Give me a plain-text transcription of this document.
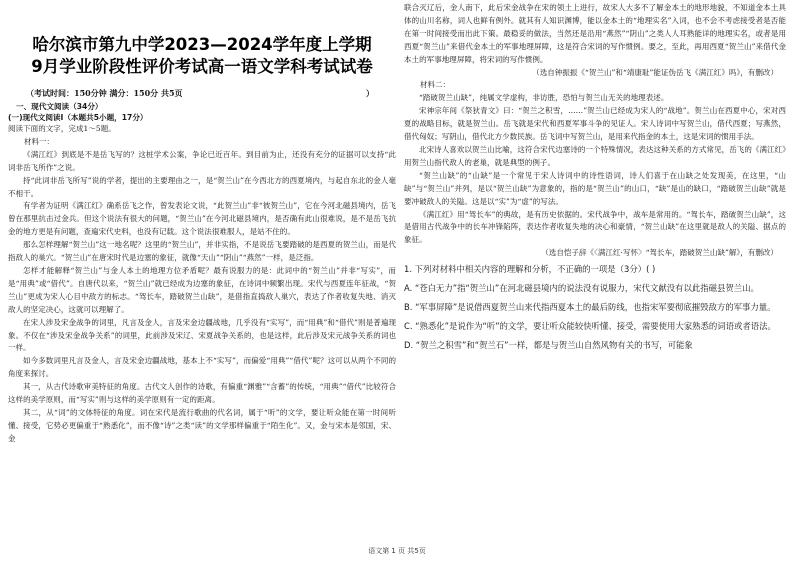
哈尔滨市第九中学2023—2024学年度上学期
9月学业阶段性评价考试高一语文学科考试试卷
（考试时间：150分钟 满分：150分 共5页	）
一、现代文阅读（34分）
(一)现代文阅读Ⅰ（本题共5小题，17分）

阅读下面的文字，完成1～5题。

材料一：

《满江红》到底是不是岳飞写的？这桩学术公案，争论已近百年。到目前为止，还没有充分的证据可以支持“此词非岳飞所作”之说。

持“此词非岳飞所写”说的学者，提出的主要理由之一，是“贺兰山”在今西北方的西夏境内，与起自东北的金人毫不相干。

有学者为证明《满江红》确系岳飞之作，曾发表论文说，“此贺兰山”非“彼贺兰山”，它在今河北磁县境内，岳飞曾在那里抗击过金兵。但这个说法有很大的问题，“贺兰山”在今河北磁县境内，是否确有此山很难说，是不是岳飞抗金的地方更是有问题，查遍宋代史料，也没有记载。这个说法很难服人，是站不住的。

那么怎样理解“贺兰山”这一地名呢？这里的“贺兰山”，并非实指，不是说岳飞要踏破的是西夏的贺兰山，而是代指敌人的巢穴。“贺兰山”在唐宋时代是边塞的象征，就像“天山”“阴山”“燕然”一样，是泛指。

怎样才能解释“贺兰山”与金人本土的地理方位矛盾呢？最有说服力的是：此词中的“贺兰山”并非“写实”，而是“用典”或“借代”。自唐代以来，“贺兰山”就已经成为边塞的象征，在诗词中频繁出现。宋代与西夏连年征战，“贺兰山”更成为宋人心目中敌方的标志。“驾长车，踏破贺兰山缺”，是借指直捣敌人巢穴，表达了作者收复失地、消灭敌人的坚定决心，这就可以理解了。

在宋人涉及宋金战争的词里，凡言及金人，言及宋金边疆战地，几乎没有“实写”，而“用典”和“借代”则是普遍现象。不仅在“涉及宋金战争关系”的词里，此前涉及宋辽、宋夏战争关系的，也是这样，此后涉及宋元战争关系的词也一样。

如今多数词里凡言及金人，言及宋金边疆战地，基本上不“实写”，而偏爱“用典”“借代”呢？这可以从两个不同的角度来探讨。

其一，从古代诗歌审美特征的角度。古代文人创作的诗歌，有偏重“渊雅”“含蓄”的传统，“用典”“借代”比较符合这样的美学原则，而“写实”则与这样的美学原则有一定的距离。

其二，从“词”的文体特征的角度。词在宋代是流行歌曲的代名词，属于“听”的文学，要让听众能在第一时间听懂、接受，它势必更偏重于“熟悉化”，而不像“诗”之类“读”的文学那样偏重于“陌生化”。又，金与宋本是邻国，宋、金

联合灭辽后，金人南下，此后宋金战争在宋的领土上进行，故宋人大多不了解金本土的地形地貌，不知道金本土具体的山川名称，词人也鲜有例外。就其有人知识渊博，能以金本土的“地理实名”入词，也不会不考虑接受者是否能在第一时间接受而出此下策。最稳妥的做法，当然还是沿用“燕然”“阴山”之类人人耳熟能详的地理实名，或者是用西夏“贺兰山”来借代金本土的军事地理屏障，这是符合宋词的写作惯例。要之，至此，再用西夏“贺兰山”来借代金本土的军事地理屏障，将宋词的写作惯例。

（选自钟振振《“贺兰山”和“靖康耻”能证伪岳飞《满江红》吗》，有删改）

材料二：

“踏破贺兰山缺”，纯属文学虚构，非访胜，恐怕与贺兰山无关的地理表述。

宋神宗年间《祭狄青文》曰：“贺兰之积雪，……”贺兰山已经成为宋人的“战地”。贺兰山在西夏中心，宋对西夏的战略目标，就是贺兰山。岳飞就是宋代和西夏军事斗争的见证人。宋人诗词中写贺兰山，借代西夏；写燕然，借代匈奴；写阴山，借代北方少数民族。岳飞词中写贺兰山，是用来代指金的本土，这是宋词的惯用手法。

北宋诗人喜欢以贺兰山比喻，这符合宋代边塞诗的一个特殊情况，表达这种关系的方式常见，岳飞的《满江红》用贺兰山指代敌人的老巢，就是典型的例子。

“贺兰山缺”的“山缺”是一个常见于宋人诗词中的诗性语词，诗人们喜于在山缺之处发现美，在这里，“山缺”与“贺兰山”并列，是以“贺兰山缺”为意象的，指的是“贺兰山”的山口，“缺”是山的缺口，“踏破贺兰山缺”就是要冲破敌人的关隘。这是以“实”为“虚”的写法。

《满江红》用“驾长车”的典故，是有历史依据的。宋代战争中，战车是常用的。“驾长车，踏破贺兰山缺”，这是借用古代战争中的长车冲锋陷阵，表达作者收复失地的决心和豪情，“贺兰山缺”在这里就是敌人的关隘、据点的象征。

（选自恺子辞《〈满江红·写怀〉“驾长车，踏破贺兰山缺”解》，有删改）

1. 下列对材料中相关内容的理解和分析，不正确的一项是（3分）( )

A. “苍白无力”指“贺兰山”在河北磁县境内的说法没有说服力，宋代文献没有以此指磁县贺兰山。

B. “军事屏障”是说借西夏贺兰山来代指西夏本土的最后防线，也指宋军要彻底摧毁敌方的军事力量。

C. “熟悉化”是说作为“听”的文学，要让听众能较快听懂、接受，需要使用大家熟悉的词语或者语法。

D. “贺兰之积雪”和“贺兰石”一样，都是与贺兰山自然风物有关的书写，可能象

语文第 1 页 共5页
